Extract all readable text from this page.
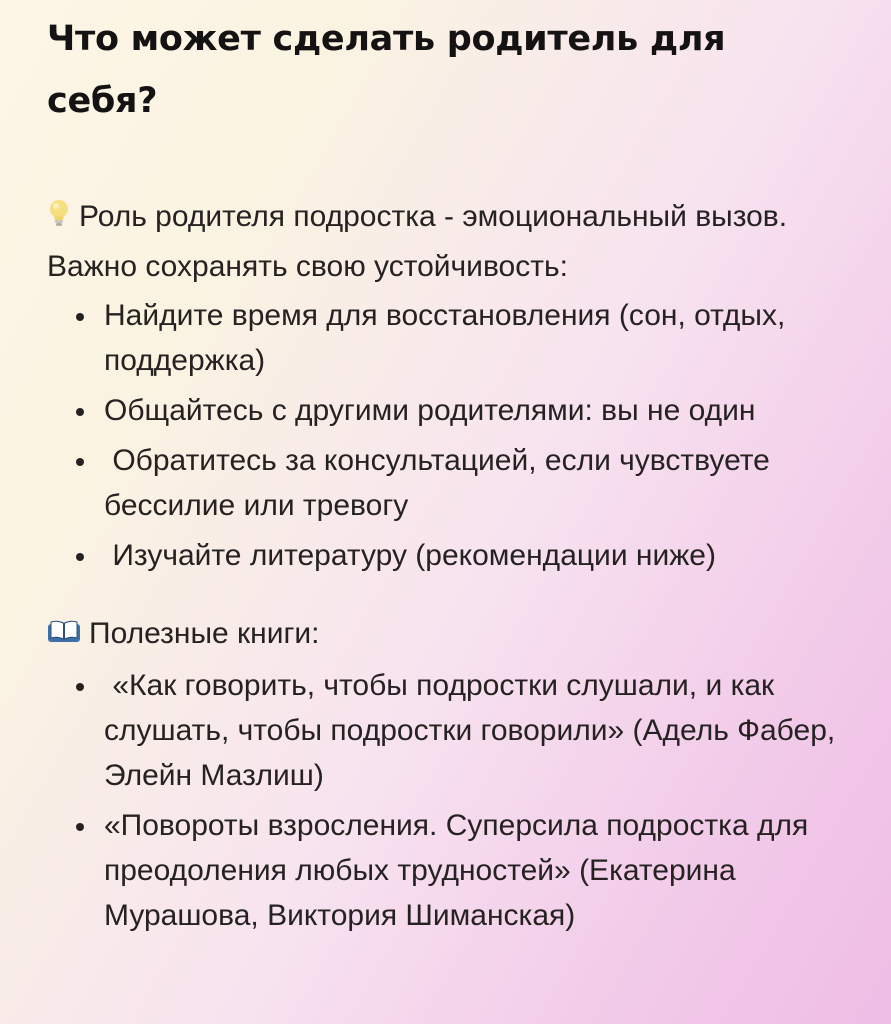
Что может сделать родитель для себя?

Роль родителя подростка - эмоциональный вызов. Важно сохранять свою устойчивость:

Найдите время для восстановления (сон, отдых, поддержка)
Общайтесь с другими родителями: вы не один
Обратитесь за консультацией, если чувствуете бессилие или тревогу
Изучайте литературу (рекомендации ниже)

Полезные книги:

«Как говорить, чтобы подростки слушали, и как слушать, чтобы подростки говорили» (Адель Фабер, Элейн Мазлиш)
«Повороты взросления. Суперсила подростка для преодоления любых трудностей» (Екатерина Мурашова, Виктория Шиманская)
